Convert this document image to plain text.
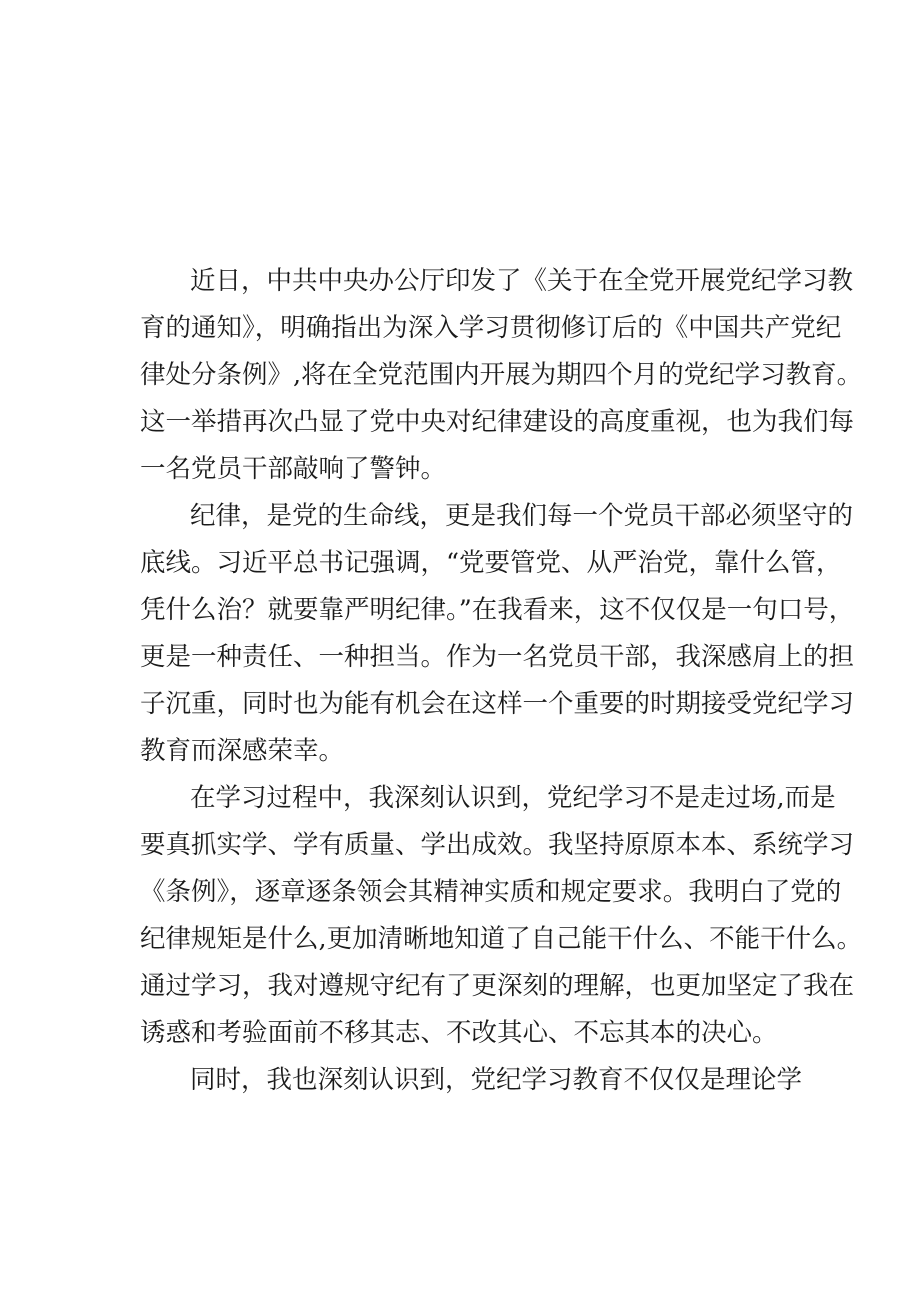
近日，中共中央办公厅印发了《关于在全党开展党纪学习教
育的通知》，明确指出为深入学习贯彻修订后的《中国共产党纪
律处分条例》,将在全党范围内开展为期四个月的党纪学习教育。
这一举措再次凸显了党中央对纪律建设的高度重视，也为我们每
一名党员干部敲响了警钟。
纪律，是党的生命线，更是我们每一个党员干部必须坚守的
底线。习近平总书记强调，“党要管党、从严治党，靠什么管，
凭什么治？就要靠严明纪律。”在我看来，这不仅仅是一句口号，
更是一种责任、一种担当。作为一名党员干部，我深感肩上的担
子沉重，同时也为能有机会在这样一个重要的时期接受党纪学习
教育而深感荣幸。
在学习过程中，我深刻认识到，党纪学习不是走过场,而是
要真抓实学、学有质量、学出成效。我坚持原原本本、系统学习
《条例》，逐章逐条领会其精神实质和规定要求。我明白了党的
纪律规矩是什么,更加清晰地知道了自己能干什么、不能干什么。
通过学习，我对遵规守纪有了更深刻的理解，也更加坚定了我在
诱惑和考验面前不移其志、不改其心、不忘其本的决心。
同时，我也深刻认识到，党纪学习教育不仅仅是理论学
